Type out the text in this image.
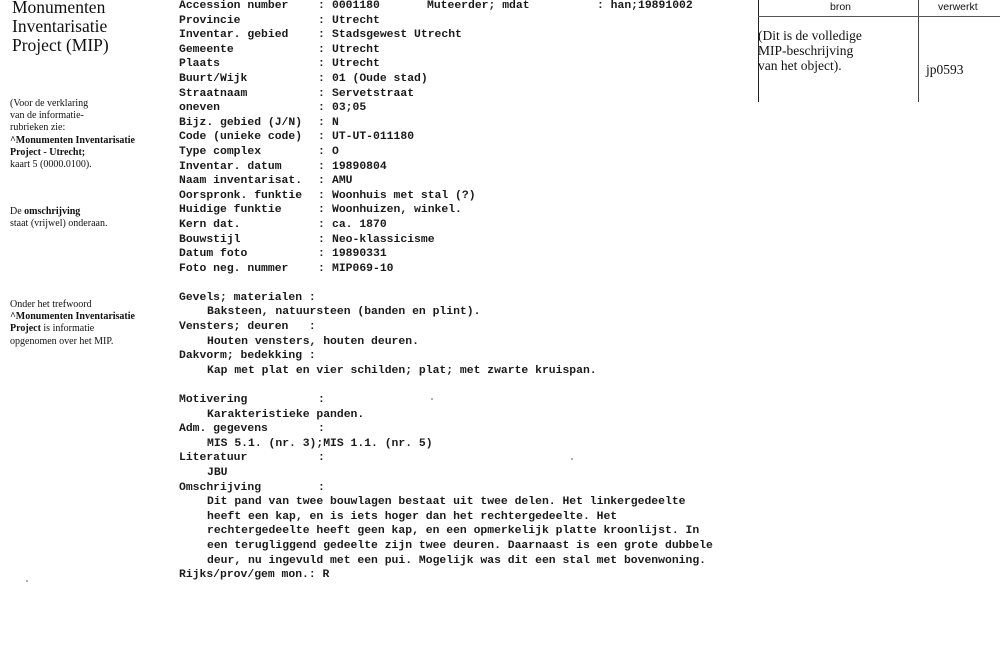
Monumenten
Inventarisatie
Project (MIP)
(Voor de verklaring
van de informatie-
rubrieken zie:
^Monumenten Inventarisatie
Project - Utrecht;
kaart 5 (0000.0100).
De omschrijving
staat (vrijwel) onderaan.
Onder het trefwoord
^Monumenten Inventarisatie
Project is informatie
opgenomen over het MIP.
Accession number	: 0001180	Muteerder; mdat	: han;19891002
Provincie	: Utrecht
Inventar. gebied	: Stadsgewest Utrecht
Gemeente	: Utrecht
Plaats	: Utrecht
Buurt/Wijk	: 01 (Oude stad)
Straatnaam	: Servetstraat
oneven	: 03;05
Bijz. gebied (J/N)	: N
Code (unieke code)	: UT-UT-011180
Type complex	: O
Inventar. datum	: 19890804
Naam inventarisat.	: AMU
Oorspronk. funktie	: Woonhuis met stal (?)
Huidige funktie	: Woonhuizen, winkel.
Kern dat.	: ca. 1870
Bouwstijl	: Neo-klassicisme
Datum foto	: 19890331
Foto neg. nummer	: MIP069-10
Gevels; materialen :
Baksteen, natuursteen (banden en plint).
Vensters; deuren   :
Houten vensters, houten deuren.
Dakvorm; bedekking :
Kap met plat en vier schilden; plat; met zwarte kruispan.
Motivering	:
Karakteristieke panden.
Adm. gegevens	:
MIS 5.1. (nr. 3);MIS 1.1. (nr. 5)
Literatuur	:
JBU
Omschrijving	:
Dit pand van twee bouwlagen bestaat uit twee delen. Het linkergedeelte
heeft een kap, en is iets hoger dan het rechtergedeelte. Het
rechtergedeelte heeft geen kap, en een opmerkelijk platte kroonlijst. In
een terugliggend gedeelte zijn twee deuren. Daarnaast is een grote dubbele
deur, nu ingevuld met een pui. Mogelijk was dit een stal met bovenwoning.
Rijks/prov/gem mon. : R
bron	verwerkt
(Dit is de volledige
MIP-beschrijving
van het object).	jp0593
